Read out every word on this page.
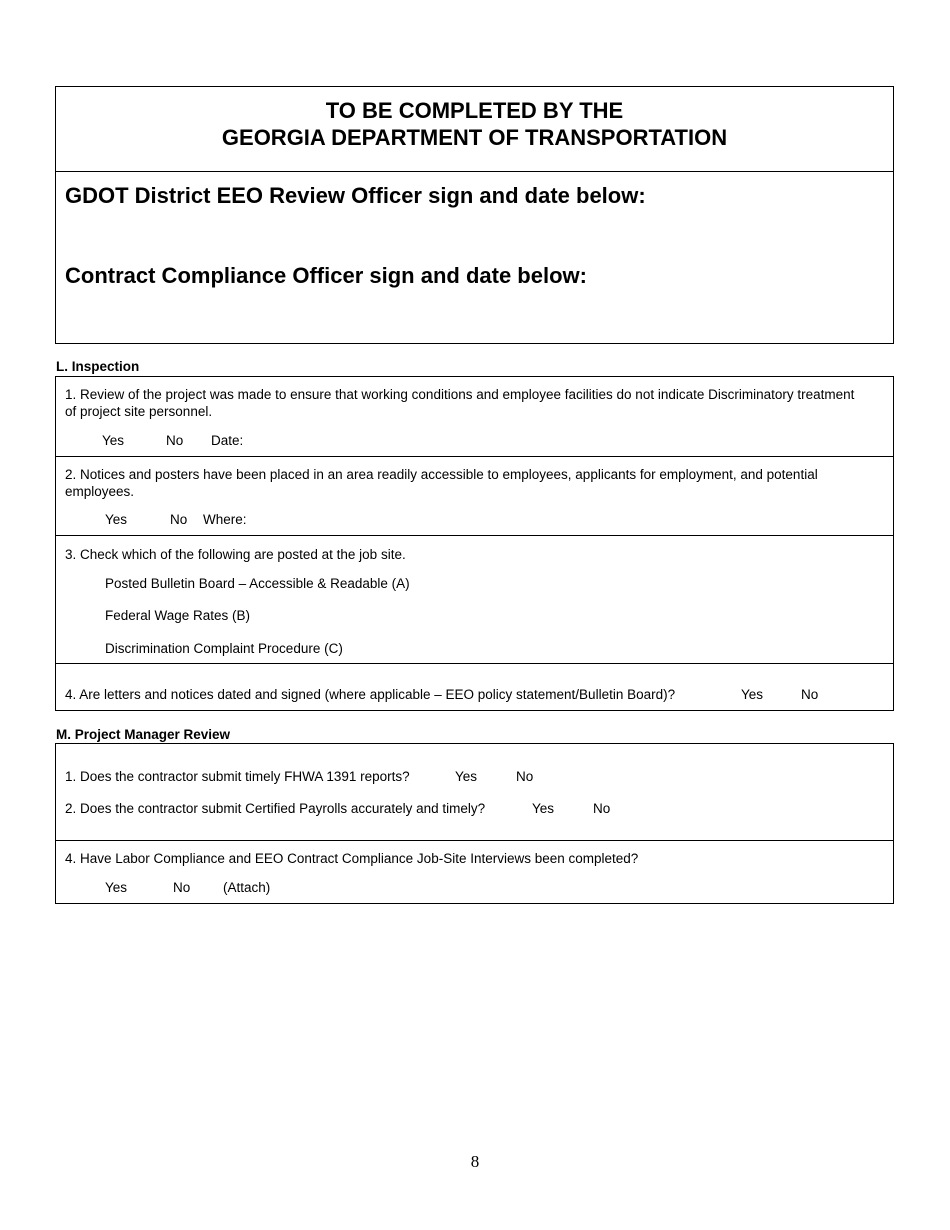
TO BE COMPLETED BY THE
GEORGIA DEPARTMENT OF TRANSPORTATION
GDOT District EEO Review Officer sign and date below:
Contract Compliance Officer sign and date below:
L. Inspection
1. Review of the project was made to ensure that working conditions and employee facilities do not indicate Discriminatory treatment of project site personnel.
Yes	No Date:
2. Notices and posters have been placed in an area readily accessible to employees, applicants for employment, and potential employees.
Yes	No Where:
3. Check which of the following are posted at the job site.
Posted Bulletin Board – Accessible & Readable (A)
Federal Wage Rates (B)
Discrimination Complaint Procedure (C)
4. Are letters and notices dated and signed (where applicable – EEO policy statement/Bulletin Board)?	Yes	No
M. Project Manager Review
1. Does the contractor submit timely FHWA 1391 reports?	Yes	No
2. Does the contractor submit Certified Payrolls accurately and timely?	Yes	No
4. Have Labor Compliance and EEO Contract Compliance Job-Site Interviews been completed?
Yes	No (Attach)
8
